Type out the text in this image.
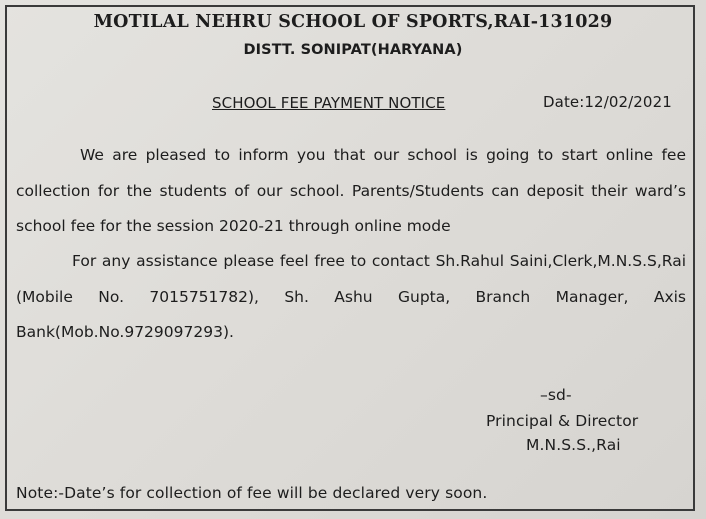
MOTILAL NEHRU SCHOOL OF SPORTS,RAI-131029
DISTT. SONIPAT(HARYANA)
SCHOOL FEE PAYMENT NOTICE	Date:12/02/2021

We are pleased to inform you that our school is going to start online fee collection for the students of our school. Parents/Students can deposit their ward’s school fee for the session 2020-21 through online mode

For any assistance please feel free to contact Sh.Rahul Saini,Clerk,M.N.S.S,Rai (Mobile No. 7015751782), Sh. Ashu Gupta, Branch Manager, Axis Bank(Mob.No.9729097293).

–sd-
Principal & Director
M.N.S.S.,Rai
Note:-Date’s for collection of fee will be declared very soon.
